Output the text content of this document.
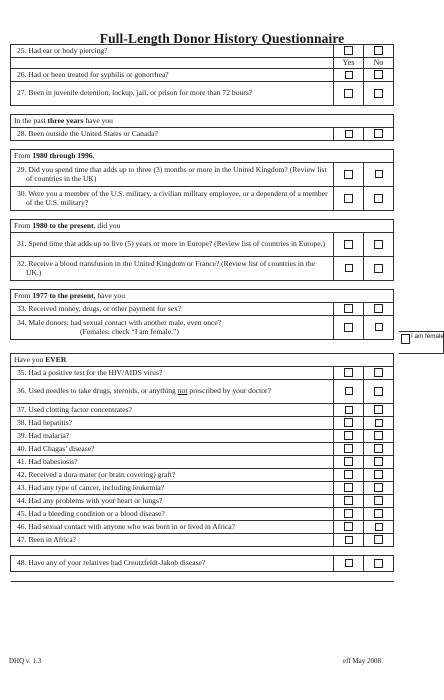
Full-Length Donor History Questionnaire
25. Had ear or body piercing?		
	Yes	No
26. Had or been treated for syphilis or gonorrhea?		
27. Been in juvenile detention, lockup, jail, or prison for more than 72 hours?		

In the past three years have you		
28. Been outside the United States or Canada?		

From 1980 through 1996,		
29. Did you spend time that adds up to three (3) months or more in the United Kingdom? (Review list of countries in the UK)		
30. Were you a member of the U.S. military, a civilian military employee, or a dependent of a member of the U.S. military?		

From 1980 to the present, did you		
31. Spend time that adds up to five (5) years or more in Europe? (Review list of countries in Europe.)		
32. Receive a blood transfusion in the United Kingdom or France? (Review list of countries in the UK.)		

From 1977 to the present, have you		
33. Received money, drugs, or other payment for sex?		
34. Male donors: had sexual contact with another male, even once?
(Females: check “I am female.”)		

Have you EVER		
35. Had a positive test for the HIV/AIDS virus?		
36. Used needles to take drugs, steroids, or anything not prescribed by your doctor?		
37. Used clotting factor concentrates?		
38. Had hepatitis?		
39. Had malaria?		
40. Had Chagas’ disease?		
41. Had babesiosis?		
42. Received a dura mater (or brain covering) graft?		
43. Had any type of cancer, including leukemia?		
44. Had any problems with your heart or lungs?		
45. Had a bleeding condition or a blood disease?		
46. Had sexual contact with anyone who was born in or lived in Africa?		
47. Been in Africa?		

48. Have any of your relatives had Creutzfeldt-Jakob disease?		

I am female
DHQ v. 1.3	eff May 2008
